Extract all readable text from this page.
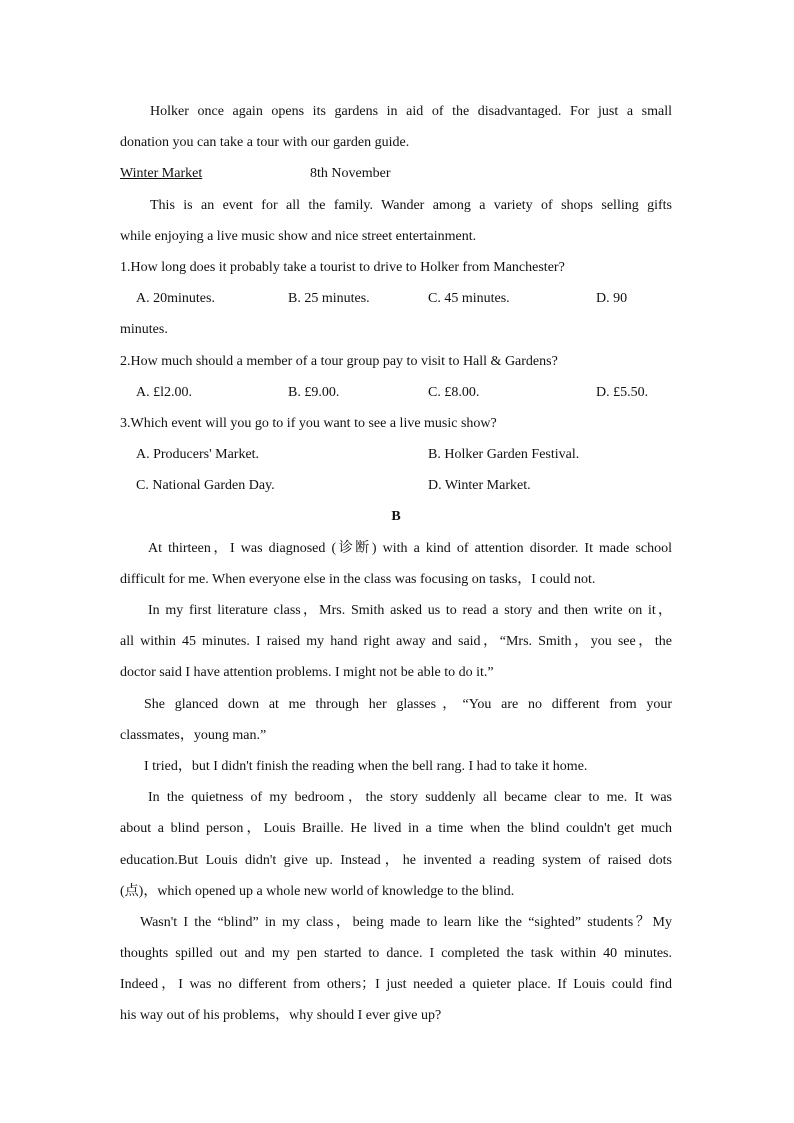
Holker once again opens its gardens in aid of the disadvantaged. For just a small
donation you can take a tour with our garden guide.
Winter Market	8th November
This is an event for all the family. Wander among a variety of shops selling gifts
while enjoying a live music show and nice street entertainment.
1.How long does it probably take a tourist to drive to Holker from Manchester?
A. 20minutes.	B. 25 minutes.	C. 45 minutes.	D. 90
minutes.
2.How much should a member of a tour group pay to visit to Hall & Gardens?
A. £l2.00.	B. £9.00.	C. £8.00.	D. £5.50.
3.Which event will you go to if you want to see a live music show?
A. Producers' Market.	B. Holker Garden Festival.
C. National Garden Day.	D. Winter Market.
B
At thirteen，I was diagnosed (诊断) with a kind of attention disorder. It made school
difficult for me. When everyone else in the class was focusing on tasks，I could not.
In my first literature class，Mrs. Smith asked us to read a story and then write on it，
all within 45 minutes. I raised my hand right away and said，“Mrs. Smith，you see，the
doctor said I have attention problems. I might not be able to do it.”
She glanced down at me through her glasses，“You are no different from your
classmates，young man.”
I tried，but I didn't finish the reading when the bell rang. I had to take it home.
In the quietness of my bedroom，the story suddenly all became clear to me. It was
about a blind person，Louis Braille. He lived in a time when the blind couldn't get much
education.But Louis didn't give up. Instead，he invented a reading system of raised dots
(点)，which opened up a whole new world of knowledge to the blind.
Wasn't I the “blind” in my class，being made to learn like the “sighted” students？My
thoughts spilled out and my pen started to dance. I completed the task within 40 minutes.
Indeed，I was no different from others；I just needed a quieter place. If Louis could find
his way out of his problems，why should I ever give up?
